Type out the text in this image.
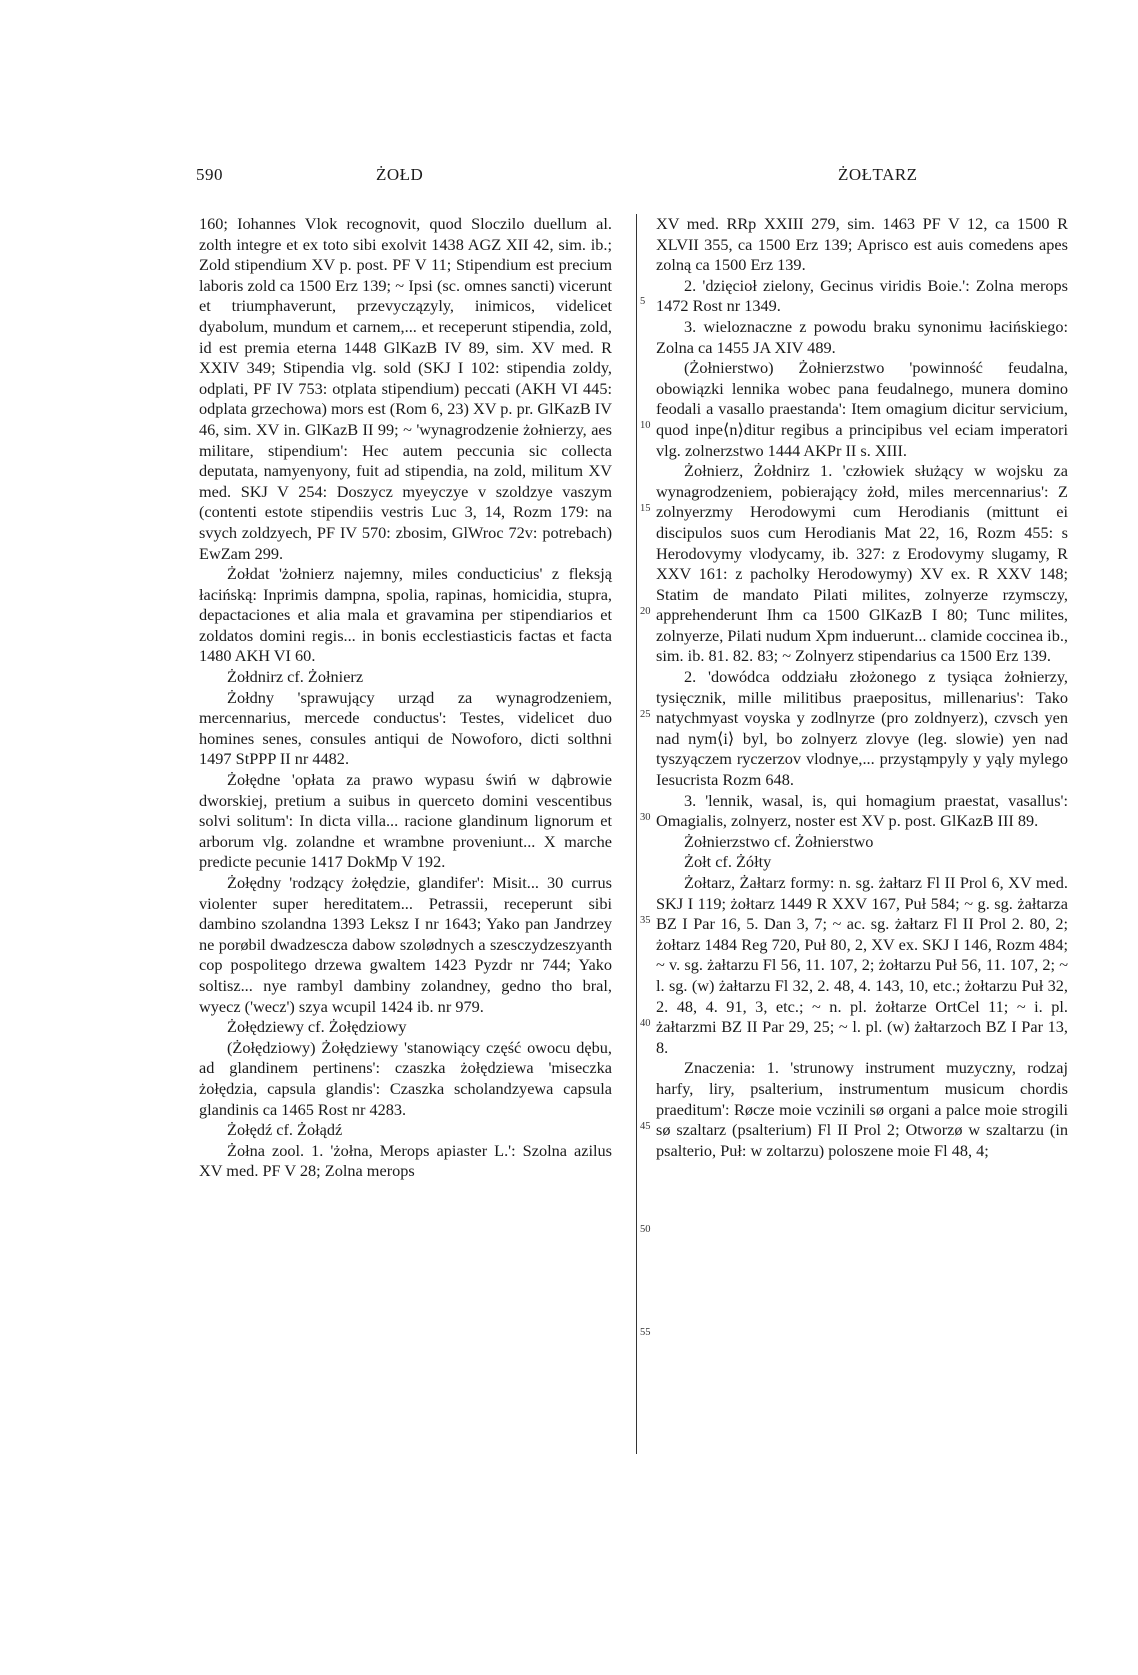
590	ŻOŁD	ŻOŁTARZ

160; Iohannes Vlok recognovit, quod Sloczilo duellum al. zolth integre et ex toto sibi exolvit 1438 AGZ XII 42, sim. ib.; Zold stipendium XV p. post. PF V 11; Stipendium est precium laboris zold ca 1500 Erz 139; ~ Ipsi (sc. omnes sancti) vicerunt et triumphaverunt, przevyczązyly, inimicos, videlicet dyabolum, mundum et carnem,... et receperunt stipendia, zold, id est premia eterna 1448 GlKazB IV 89, sim. XV med. R XXIV 349; Stipendia vlg. sold (SKJ I 102: stipendia zoldy, odplati, PF IV 753: otplata stipendium) peccati (AKH VI 445: odplata grzechowa) mors est (Rom 6, 23) XV p. pr. GlKazB IV 46, sim. XV in. GlKazB II 99; ~ 'wynagrodzenie żołnierzy, aes militare, stipendium': Hec autem peccunia sic collecta deputata, namyenyony, fuit ad stipendia, na zold, militum XV med. SKJ V 254: Doszycz myeyczye v szoldzye vaszym (contenti estote stipendiis vestris Luc 3, 14, Rozm 179: na svych zoldzyech, PF IV 570: zbosim, GlWroc 72v: potrebach) EwZam 299.

Żołdat 'żołnierz najemny, miles conducticius' z fleksją łacińską: Inprimis dampna, spolia, rapinas, homicidia, stupra, depactaciones et alia mala et gravamina per stipendiarios et zoldatos domini regis... in bonis ecclestiasticis factas et facta 1480 AKH VI 60.

Żołdnirz cf. Żołnierz

Żołdny 'sprawujący urząd za wynagrodzeniem, mercennarius, mercede conductus': Testes, videlicet duo homines senes, consules antiqui de Nowoforo, dicti solthni 1497 StPPP II nr 4482.

Żołędne 'opłata za prawo wypasu świń w dąbrowie dworskiej, pretium a suibus in querceto domini vescentibus solvi solitum': In dicta villa... racione glandinum lignorum et arborum vlg. zolandne et wrambne proveniunt... X marche predicte pecunie 1417 DokMp V 192.

Żołędny 'rodzący żołędzie, glandifer': Misit... 30 currus violenter super hereditatem... Petrassii, receperunt sibi dambino szolandna 1393 Leksz I nr 1643; Yako pan Jandrzey ne porøbil dwadzescza dabow szolødnych a szesczydzeszyanth cop pospolitego drzewa gwaltem 1423 Pyzdr nr 744; Yako soltisz... nye rambyl dambiny zolandney, gedno tho bral, wyecz ('wecz') szya wcupil 1424 ib. nr 979.

Żołędziewy cf. Żołędziowy

(Żołędziowy) Żołędziewy 'stanowiący część owocu dębu, ad glandinem pertinens': czaszka żołędziewa 'miseczka żołędzia, capsula glandis': Czaszka scholandzyewa capsula glandinis ca 1465 Rost nr 4283.

Żołędź cf. Żołądź

Żołna zool. 1. 'żołna, Merops apiaster L.': Szolna azilus XV med. PF V 28; Zolna merops

5
10
15
20
25
30
35
40
45
50
55

XV med. RRp XXIII 279, sim. 1463 PF V 12, ca 1500 R XLVII 355, ca 1500 Erz 139; Aprisco est auis comedens apes zolną ca 1500 Erz 139.

2. 'dzięcioł zielony, Gecinus viridis Boie.': Zolna merops 1472 Rost nr 1349.

3. wieloznaczne z powodu braku synonimu łacińskiego: Zolna ca 1455 JA XIV 489.

(Żołnierstwo) Żołnierzstwo 'powinność feudalna, obowiązki lennika wobec pana feudalnego, munera domino feodali a vasallo praestanda': Item omagium dicitur servicium, quod inpe⟨n⟩ditur regibus a principibus vel eciam imperatori vlg. zolnerzstwo 1444 AKPr II s. XIII.

Żołnierz, Żołdnirz 1. 'człowiek służący w wojsku za wynagrodzeniem, pobierający żołd, miles mercennarius': Z zolnyerzmy Herodowymi cum Herodianis (mittunt ei discipulos suos cum Herodianis Mat 22, 16, Rozm 455: s Herodovymy vlodycamy, ib. 327: z Erodovymy slugamy, R XXV 161: z pacholky Herodowymy) XV ex. R XXV 148; Statim de mandato Pilati milites, zolnyerze rzymsczy, apprehenderunt Ihm ca 1500 GlKazB I 80; Tunc milites, zolnyerze, Pilati nudum Xpm induerunt... clamide coccinea ib., sim. ib. 81. 82. 83; ~ Zolnyerz stipendarius ca 1500 Erz 139.

2. 'dowódca oddziału złożonego z tysiąca żołnierzy, tysięcznik, mille militibus praepositus, millenarius': Tako natychmyast voyska y zodlnyrze (pro zoldnyerz), czvsch yen nad nym⟨i⟩ byl, bo zolnyerz zlovye (leg. slowie) yen nad tyszyączem ryczerzov vlodnye,... przystąmpyly y yąly mylego Iesucrista Rozm 648.

3. 'lennik, wasal, is, qui homagium praestat, vasallus': Omagialis, zolnyerz, noster est XV p. post. GlKazB III 89.

Żołnierzstwo cf. Żołnierstwo

Żołt cf. Żółty

Żołtarz, Żałtarz formy: n. sg. żałtarz Fl II Prol 6, XV med. SKJ I 119; żołtarz 1449 R XXV 167, Puł 584; ~ g. sg. żałtarza BZ I Par 16, 5. Dan 3, 7; ~ ac. sg. żałtarz Fl II Prol 2. 80, 2; żołtarz 1484 Reg 720, Puł 80, 2, XV ex. SKJ I 146, Rozm 484; ~ v. sg. żałtarzu Fl 56, 11. 107, 2; żołtarzu Puł 56, 11. 107, 2; ~ l. sg. (w) żałtarzu Fl 32, 2. 48, 4. 143, 10, etc.; żołtarzu Puł 32, 2. 48, 4. 91, 3, etc.; ~ n. pl. żołtarze OrtCel 11; ~ i. pl. żałtarzmi BZ II Par 29, 25; ~ l. pl. (w) żałtarzoch BZ I Par 13, 8.

Znaczenia: 1. 'strunowy instrument muzyczny, rodzaj harfy, liry, psalterium, instrumentum musicum chordis praeditum': Røcze moie vczinili sø organi a palce moie strogili sø szaltarz (psalterium) Fl II Prol 2; Otworzø w szaltarzu (in psalterio, Puł: w zoltarzu) poloszene moie Fl 48, 4;
